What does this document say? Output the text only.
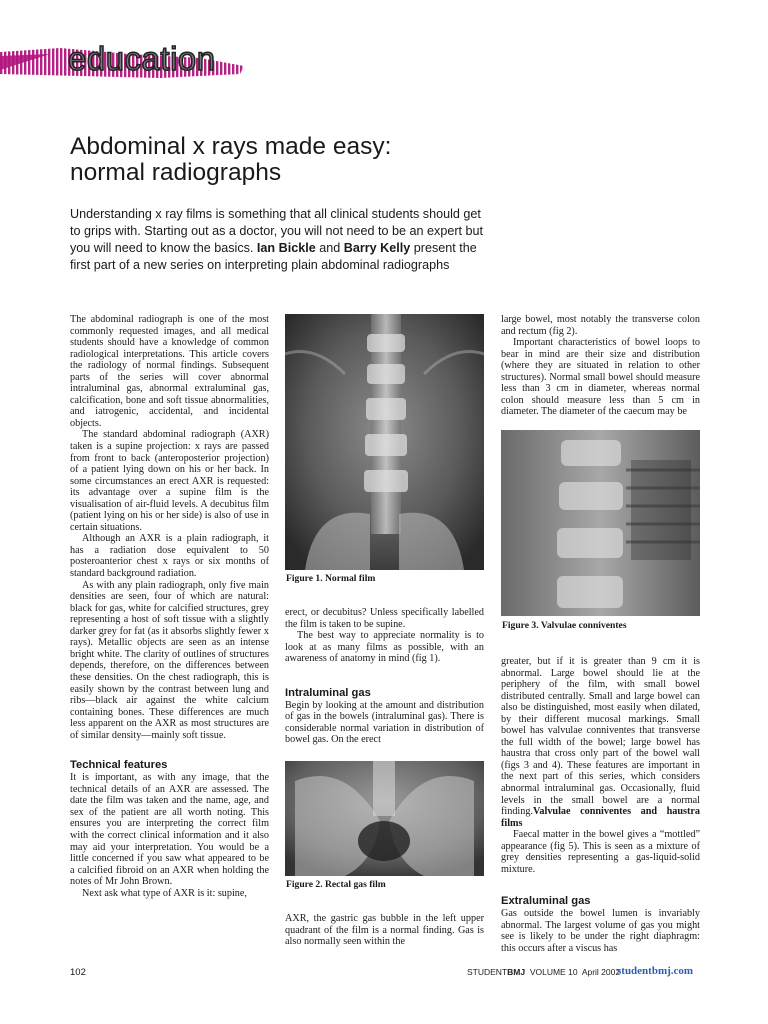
education
Abdominal x rays made easy:
normal radiographs
Understanding x ray films is something that all clinical students should get to grips with. Starting out as a doctor, you will not need to be an expert but you will need to know the basics. Ian Bickle and Barry Kelly present the first part of a new series on interpreting plain abdominal radiographs

The abdominal radiograph is one of the most commonly requested images, and all medical students should have a knowledge of common radiological interpretations. This article covers the radiology of normal findings. Subsequent parts of the series will cover abnormal intraluminal gas, abnormal extraluminal gas, calcification, bone and soft tissue abnormalities, and iatrogenic, accidental, and incidental objects.

The standard abdominal radiograph (AXR) taken is a supine projection: x rays are passed from front to back (anteroposterior projection) of a patient lying down on his or her back. In some circumstances an erect AXR is requested: its advantage over a supine film is the visualisation of air-fluid levels. A decubitus film (patient lying on his or her side) is also of use in certain situations.

Although an AXR is a plain radiograph, it has a radiation dose equivalent to 50 posteroanterior chest x rays or six months of standard background radiation.

As with any plain radiograph, only five main densities are seen, four of which are natural: black for gas, white for calcified structures, grey representing a host of soft tissue with a slightly darker grey for fat (as it absorbs slightly fewer x rays). Metallic objects are seen as an intense bright white. The clarity of outlines of structures depends, therefore, on the differences between these densities. On the chest radiograph, this is easily shown by the contrast between lung and ribs—black air against the white calcium containing bones. These differences are much less apparent on the AXR as most structures are of similar density—mainly soft tissue.

Technical features

It is important, as with any image, that the technical details of an AXR are assessed. The date the film was taken and the name, age, and sex of the patient are all worth noting. This ensures you are interpreting the correct film with the correct clinical information and it also may aid your interpretation. You would be a little concerned if you saw what appeared to be a calcified fibroid on an AXR when holding the notes of Mr John Brown.

Next ask what type of AXR is it: supine,

Figure 1. Normal film

erect, or decubitus? Unless specifically labelled the film is taken to be supine.

The best way to appreciate normality is to look at as many films as possible, with an awareness of anatomy in mind (fig 1).

Intraluminal gas

Begin by looking at the amount and distribution of gas in the bowels (intraluminal gas). There is considerable normal variation in distribution of bowel gas. On the erect

Figure 2. Rectal gas film

AXR, the gastric gas bubble in the left upper quadrant of the film is a normal finding. Gas is also normally seen within the

large bowel, most notably the transverse colon and rectum (fig 2).

Important characteristics of bowel loops to bear in mind are their size and distribution (where they are situated in relation to other structures). Normal small bowel should measure less than 3 cm in diameter, whereas normal colon should measure less than 5 cm in diameter. The diameter of the caecum may be

Figure 3. Valvulae conniventes

greater, but if it is greater than 9 cm it is abnormal. Large bowel should lie at the periphery of the film, with small bowel distributed centrally. Small and large bowel can also be distinguished, most easily when dilated, by their different mucosal markings. Small bowel has valvulae conniventes that transverse the full width of the bowel; large bowel has haustra that cross only part of the bowel wall (figs 3 and 4). These features are important in the next part of this series, which considers abnormal intraluminal gas. Occasionally, fluid levels in the small bowel are a normal finding.Valvulae conniventes and haustra films

Faecal matter in the bowel gives a “mottled” appearance (fig 5). This is seen as a mixture of grey densities representing a gas-liquid-solid mixture.

Extraluminal gas

Gas outside the bowel lumen is invariably abnormal. The largest volume of gas you might see is likely to be under the right diaphragm: this occurs after a viscus has

102	STUDENTBMJ VOLUME 10 April 2002
studentbmj.com
